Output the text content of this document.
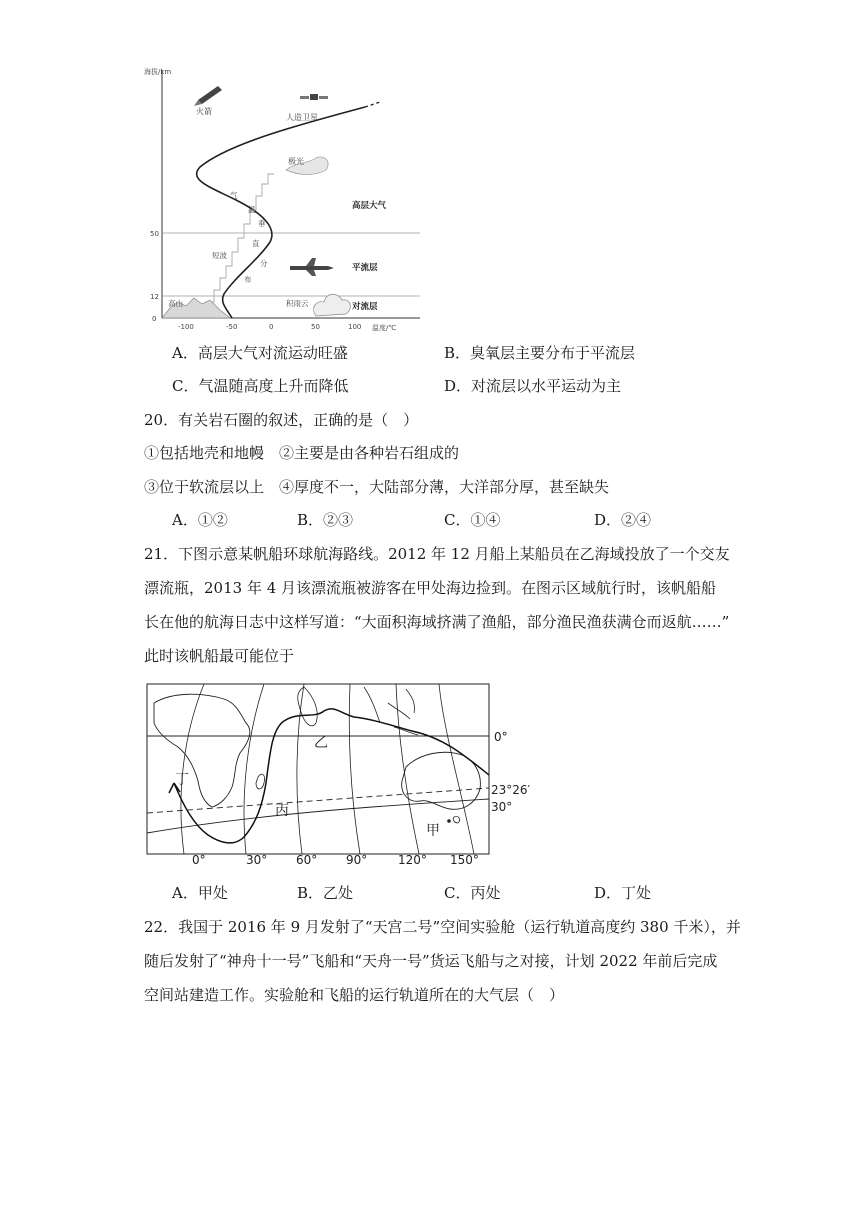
海拔/km
温度/℃
-100	-50	0	50	100
0
12
50
火箭
人造卫星
极光
高层大气
平流层
对流层
高山	积雨云
短波
气
温
垂
直
分
布
A．高层大气对流运动旺盛	B．臭氧层主要分布于平流层
C．气温随高度上升而降低	D．对流层以水平运动为主
20．有关岩石圈的叙述，正确的是（　）
①包括地壳和地幔　②主要是由各种岩石组成的
③位于软流层以上　④厚度不一，大陆部分薄，大洋部分厚，甚至缺失
A．①②	B．②③	C．①④	D．②④
21．下图示意某帆船环球航海路线。2012 年 12 月船上某船员在乙海域投放了一个交友
漂流瓶，2013 年 4 月该漂流瓶被游客在甲处海边捡到。在图示区域航行时，该帆船船
长在他的航海日志中这样写道：“大面积海域挤满了渔船，部分渔民渔获满仓而返航……”
此时该帆船最可能位于
甲
乙
丙
丁
0°
23°26′
30°
0°	30° 60° 90°	120° 150°
A．甲处	B．乙处	C．丙处	D．丁处
22．我国于 2016 年 9 月发射了“天宫二号”空间实验舱（运行轨道高度约 380 千米），并
随后发射了“神舟十一号”飞船和“天舟一号”货运飞船与之对接，计划 2022 年前后完成
空间站建造工作。实验舱和飞船的运行轨道所在的大气层（　）
